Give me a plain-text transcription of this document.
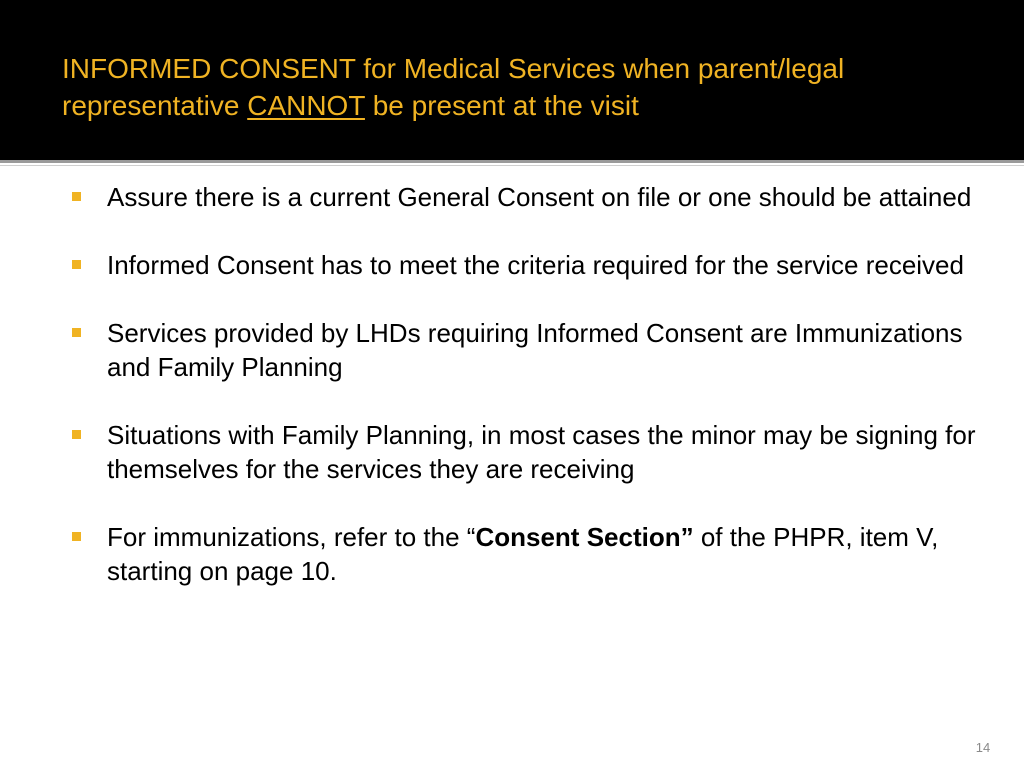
INFORMED CONSENT for Medical Services when parent/legal representative CANNOT be present at the visit
Assure there is a current General Consent on file or one should be attained
Informed Consent has to meet the criteria required for the service received
Services provided by LHDs requiring Informed Consent are Immunizations and Family Planning
Situations with Family Planning, in most cases the minor may be signing for themselves for the services they are receiving
For immunizations, refer to the “Consent Section” of the PHPR, item V, starting on page 10.
14
